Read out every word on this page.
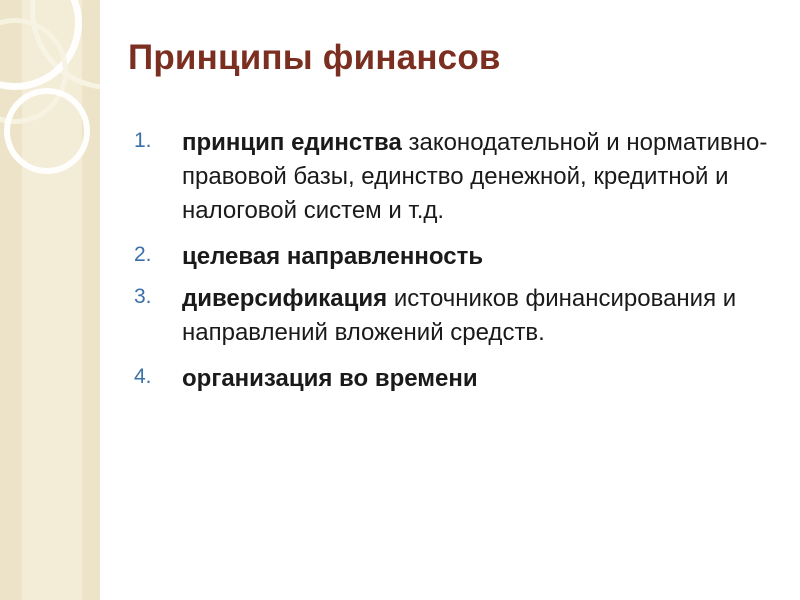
Принципы финансов
1.	принцип единства законодательной и нормативно-правовой базы, единство денежной, кредитной и налоговой систем и т.д.
2.	целевая направленность
3.	диверсификация источников финансирования и направлений вложений средств.
4.	организация во времени
